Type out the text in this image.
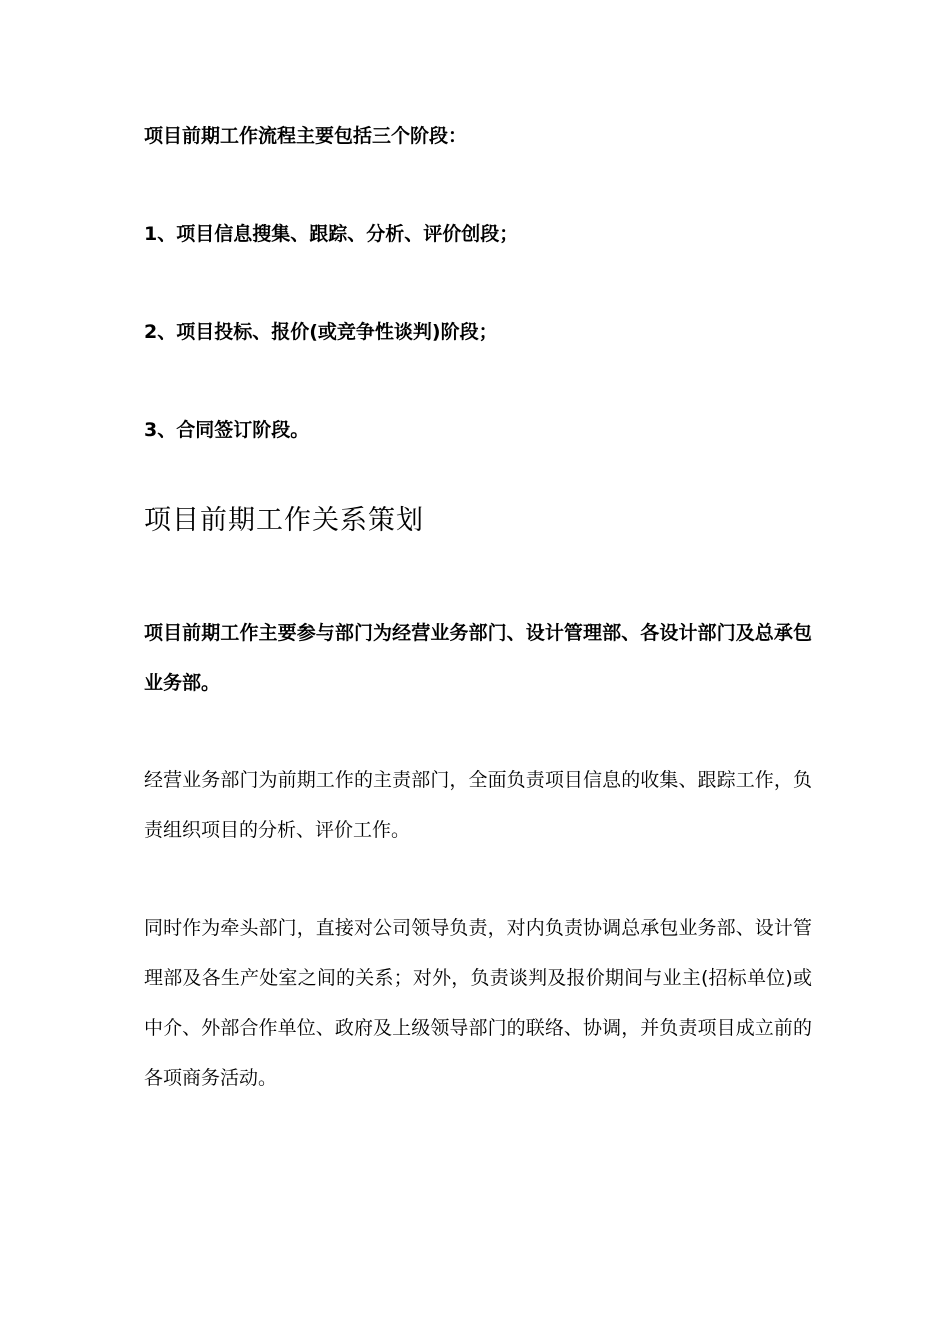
项目前期工作流程主要包括三个阶段：
1、项目信息搜集、跟踪、分析、评价创段；
2、项目投标、报价(或竞争性谈判)阶段；
3、合同签订阶段。
项目前期工作关系策划
项目前期工作主要参与部门为经营业务部门、设计管理部、各设计部门及总承包业务部。
经营业务部门为前期工作的主责部门，全面负责项目信息的收集、跟踪工作，负责组织项目的分析、评价工作。
同时作为牵头部门，直接对公司领导负责，对内负责协调总承包业务部、设计管理部及各生产处室之间的关系；对外，负责谈判及报价期间与业主(招标单位)或中介、外部合作单位、政府及上级领导部门的联络、协调，并负责项目成立前的各项商务活动。
